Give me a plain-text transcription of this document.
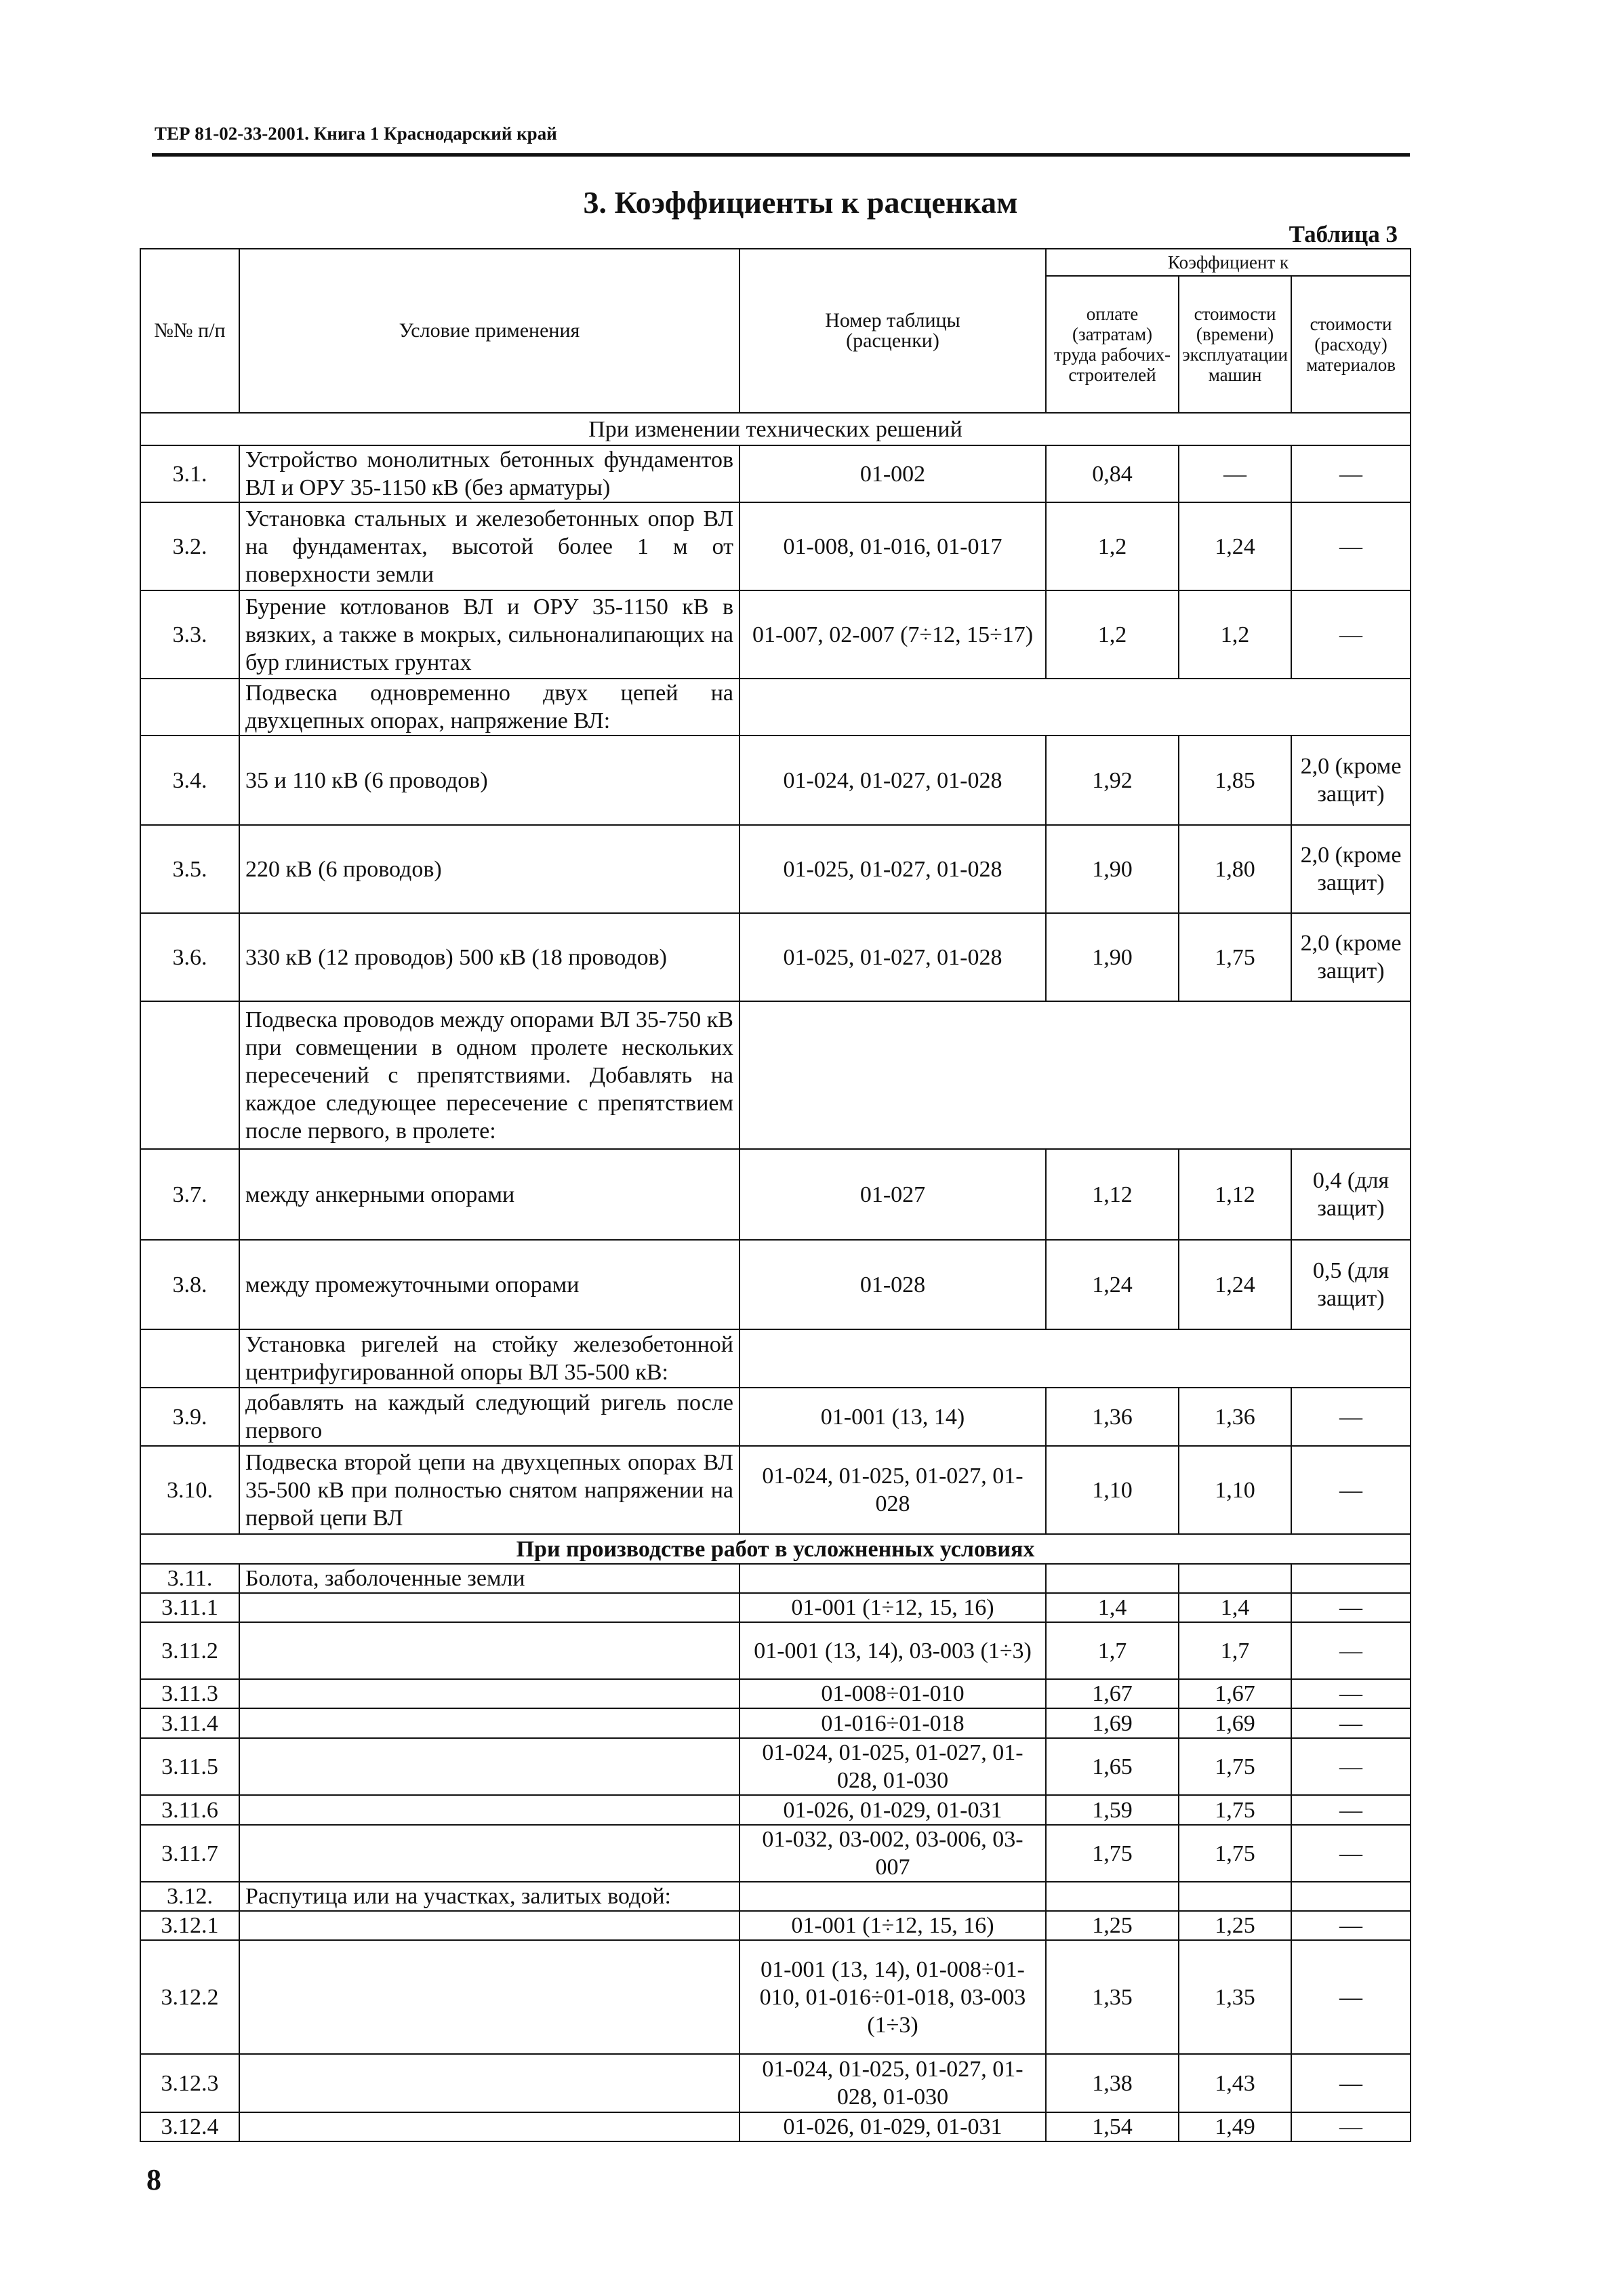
ТЕР 81-02-33-2001. Книга 1 Краснодарский край
3. Коэффициенты к расценкам
Таблица 3
№№ п/п	Условие применения	Номер таблицы (расценки)	Коэффициент к		
			оплате (затратам) труда рабочих-строителей	стоимости (времени) эксплуатации машин	стоимости (расходу) материалов
При изменении технических решений					
3.1.	Устройство монолитных бетонных фундаментов ВЛ и ОРУ 35-1150 кВ (без арматуры)	01-002	0,84	—	—
3.2.	Установка стальных и железобетонных опор ВЛ на фундаментах, высотой более 1 м от поверхности земли	01-008, 01-016, 01-017	1,2	1,24	—
3.3.	Бурение котлованов ВЛ и ОРУ 35-1150 кВ в вязких, а также в мокрых, сильноналипающих на бур глинистых грунтах	01-007, 02-007 (7÷12, 15÷17)	1,2	1,2	—
	Подвеска одновременно двух цепей на двухцепных опорах, напряжение ВЛ:				
3.4.	35 и 110 кВ (6 проводов)	01-024, 01-027, 01-028	1,92	1,85	2,0 (кроме защит)
3.5.	220 кВ (6 проводов)	01-025, 01-027, 01-028	1,90	1,80	2,0 (кроме защит)
3.6.	330 кВ (12 проводов) 500 кВ (18 проводов)	01-025, 01-027, 01-028	1,90	1,75	2,0 (кроме защит)
	Подвеска проводов между опорами ВЛ 35-750 кВ при совмещении в одном пролете нескольких пересечений с препятствиями. Добавлять на каждое следующее пересечение с препятствием после первого, в пролете:				
3.7.	между анкерными опорами	01-027	1,12	1,12	0,4 (для защит)
3.8.	между промежуточными опорами	01-028	1,24	1,24	0,5 (для защит)
	Установка ригелей на стойку железобетонной центрифугированной опоры ВЛ 35-500 кВ:				
3.9.	добавлять на каждый следующий ригель после первого	01-001 (13, 14)	1,36	1,36	—
3.10.	Подвеска второй цепи на двухцепных опорах ВЛ 35-500 кВ при полностью снятом напряжении на первой цепи ВЛ	01-024, 01-025, 01-027, 01-028	1,10	1,10	—
При производстве работ в усложненных условиях					
3.11.	Болота, заболоченные земли				
3.11.1		01-001 (1÷12, 15, 16)	1,4	1,4	—
3.11.2		01-001 (13, 14), 03-003 (1÷3)	1,7	1,7	—
3.11.3		01-008÷01-010	1,67	1,67	—
3.11.4		01-016÷01-018	1,69	1,69	—
3.11.5		01-024, 01-025, 01-027, 01-028, 01-030	1,65	1,75	—
3.11.6		01-026, 01-029, 01-031	1,59	1,75	—
3.11.7		01-032, 03-002, 03-006, 03-007	1,75	1,75	—
3.12.	Распутица или на участках, залитых водой:				
3.12.1		01-001 (1÷12, 15, 16)	1,25	1,25	—
3.12.2		01-001 (13, 14), 01-008÷01-010, 01-016÷01-018, 03-003 (1÷3)	1,35	1,35	—
3.12.3		01-024, 01-025, 01-027, 01-028, 01-030	1,38	1,43	—
3.12.4		01-026, 01-029, 01-031	1,54	1,49	—
8
